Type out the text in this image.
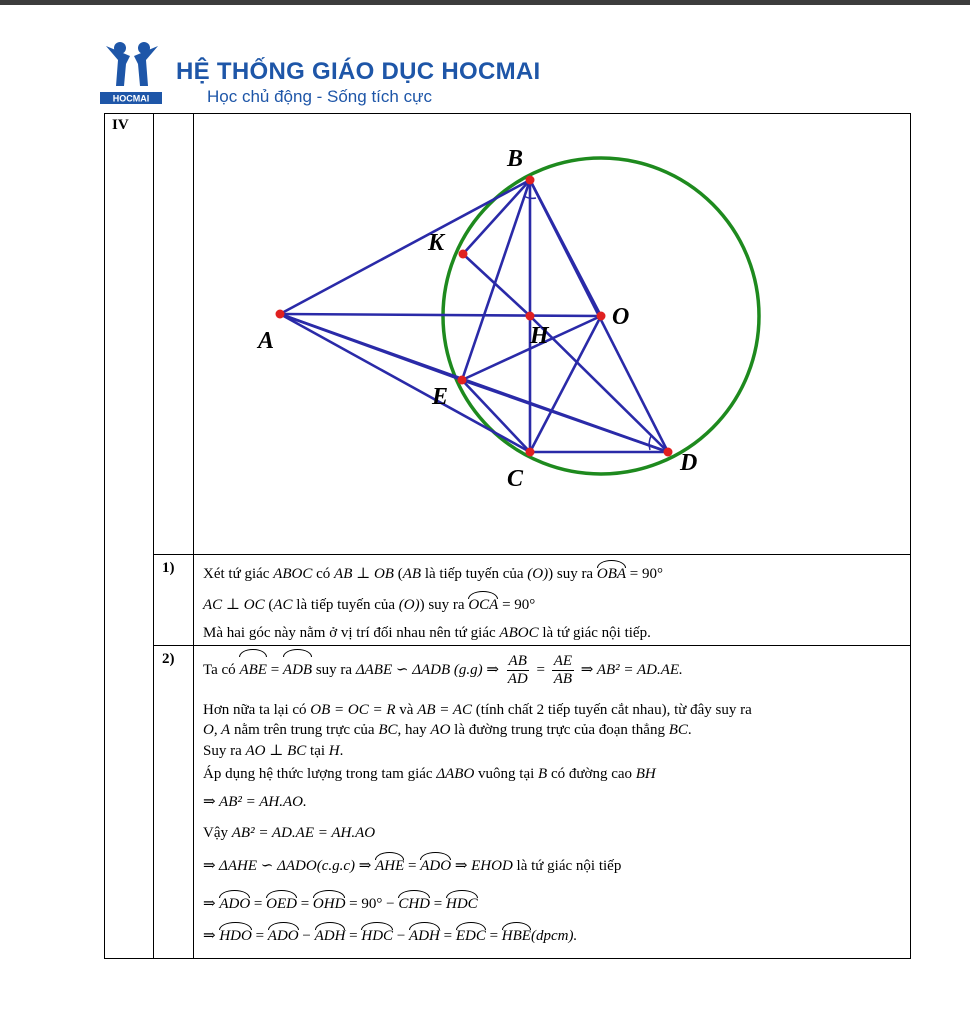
HOCMAI
HỆ THỐNG GIÁO DỤC HOCMAI
Học chủ động - Sống tích cực
IV
B
K
A	H
O
E
C
D
1) Xét tứ giác ABOC có AB ⊥ OB (AB là tiếp tuyến của (O)) suy ra OBA = 90°
AC ⊥ OC (AC là tiếp tuyến của (O)) suy ra OCA = 90°
Mà hai góc này nằm ở vị trí đối nhau nên tứ giác ABOC là tứ giác nội tiếp.
2)
Ta có ABE = ADB suy ra ΔABE ∽ ΔADB (g.g) ⇒ $\frac{AB}{AD} = \frac{AE}{AB}$ ⇒ AB² = AD.AE.
Hơn nữa ta lại có OB = OC = R và AB = AC (tính chất 2 tiếp tuyến cắt nhau), từ đây suy ra
O, A nằm trên trung trực của BC, hay AO là đường trung trực của đoạn thẳng BC.
Suy ra AO ⊥ BC tại H.
Áp dụng hệ thức lượng trong tam giác ΔABO vuông tại B có đường cao BH
⇒ AB² = AH.AO.
Vậy AB² = AD.AE = AH.AO
⇒ ΔAHE ∽ ΔADO(c.g.c) ⇒ AHE = ADO ⇒ EHOD là tứ giác nội tiếp
⇒ ADO = OED = OHD = 90° − CHD = HDC
⇒ HDO = ADO − ADH = HDC − ADH = EDC = HBE(dpcm).
